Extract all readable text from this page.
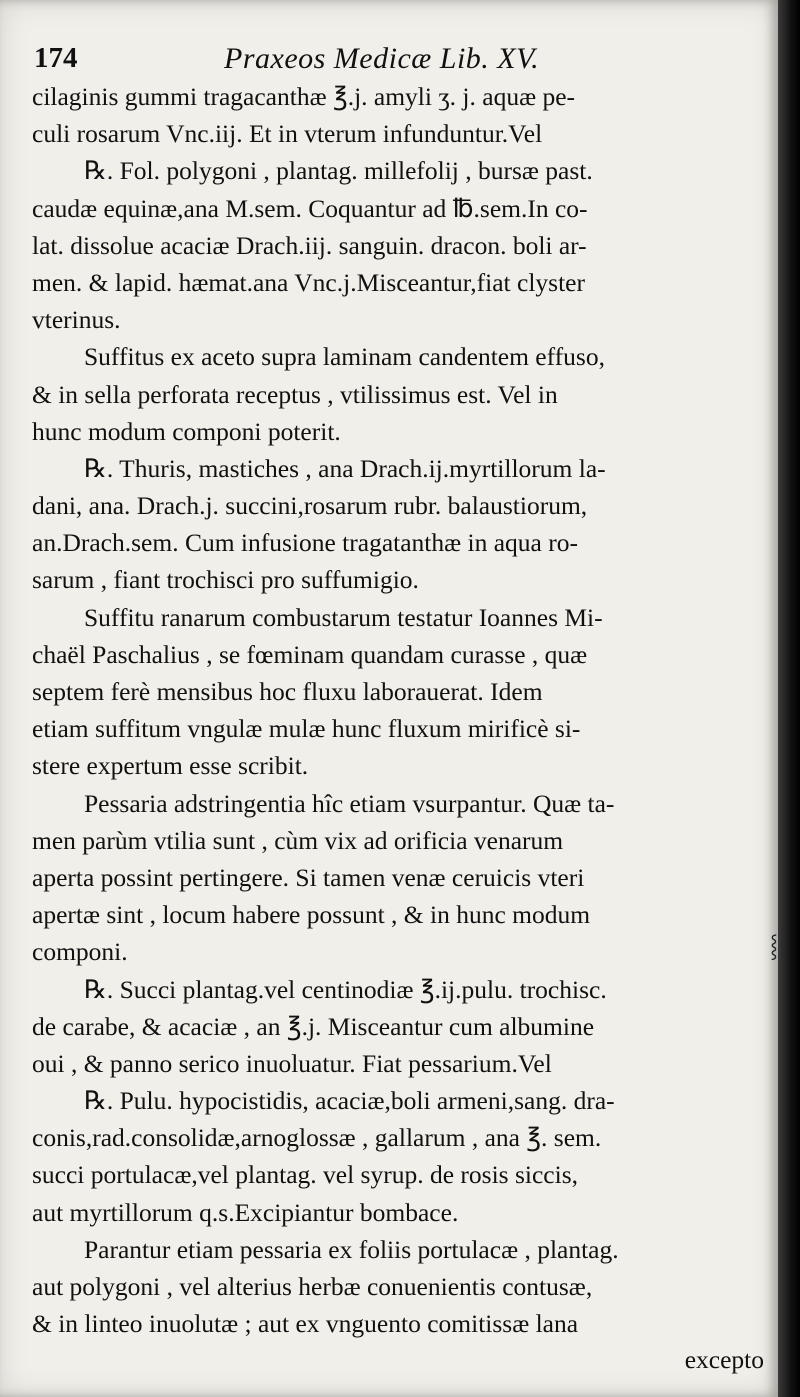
174	Praxeos Medicæ Lib. XV.
cilaginis gummi tragacanthæ ℥.j. amyli ʒ. j. aquæ pe-
culi rosarum Vnc.iij. Et in vterum infunduntur.Vel
℞. Fol. polygoni , plantag. millefolij , bursæ past.
caudæ equinæ,ana M.sem. Coquantur ad ℔.sem.In co-
lat. dissolue acaciæ Drach.iij. sanguin. dracon. boli ar-
men. & lapid. hæmat.ana Vnc.j.Misceantur,fiat clyster
vterinus.
Suffitus ex aceto supra laminam candentem effuso,
& in sella perforata receptus , vtilissimus est. Vel in
hunc modum componi poterit.
℞. Thuris, mastiches , ana Drach.ij.myrtillorum la-
dani, ana. Drach.j. succini,rosarum rubr. balaustiorum,
an.Drach.sem. Cum infusione tragatanthæ in aqua ro-
sarum , fiant trochisci pro suffumigio.
Suffitu ranarum combustarum testatur Ioannes Mi-
chaël Paschalius , se fœminam quandam curasse , quæ
septem ferè mensibus hoc fluxu laborauerat. Idem
etiam suffitum vngulæ mulæ hunc fluxum mirificè si-
stere expertum esse scribit.
Pessaria adstringentia hîc etiam vsurpantur. Quæ ta-
men parùm vtilia sunt , cùm vix ad orificia venarum
aperta possint pertingere. Si tamen venæ ceruicis vteri
apertæ sint , locum habere possunt , & in hunc modum
componi.
℞. Succi plantag.vel centinodiæ ℥.ij.pulu. trochisc.
de carabe, & acaciæ , an ℥.j. Misceantur cum albumine
oui , & panno serico inuoluatur. Fiat pessarium.Vel
℞. Pulu. hypocistidis, acaciæ,boli armeni,sang. dra-
conis,rad.consolidæ,arnoglossæ , gallarum , ana ℥. sem.
succi portulacæ,vel plantag. vel syrup. de rosis siccis,
aut myrtillorum q.s.Excipiantur bombace.
Parantur etiam pessaria ex foliis portulacæ , plantag.
aut polygoni , vel alterius herbæ conuenientis contusæ,
& in linteo inuolutæ ; aut ex vnguento comitissæ lana
excepto
⸾
